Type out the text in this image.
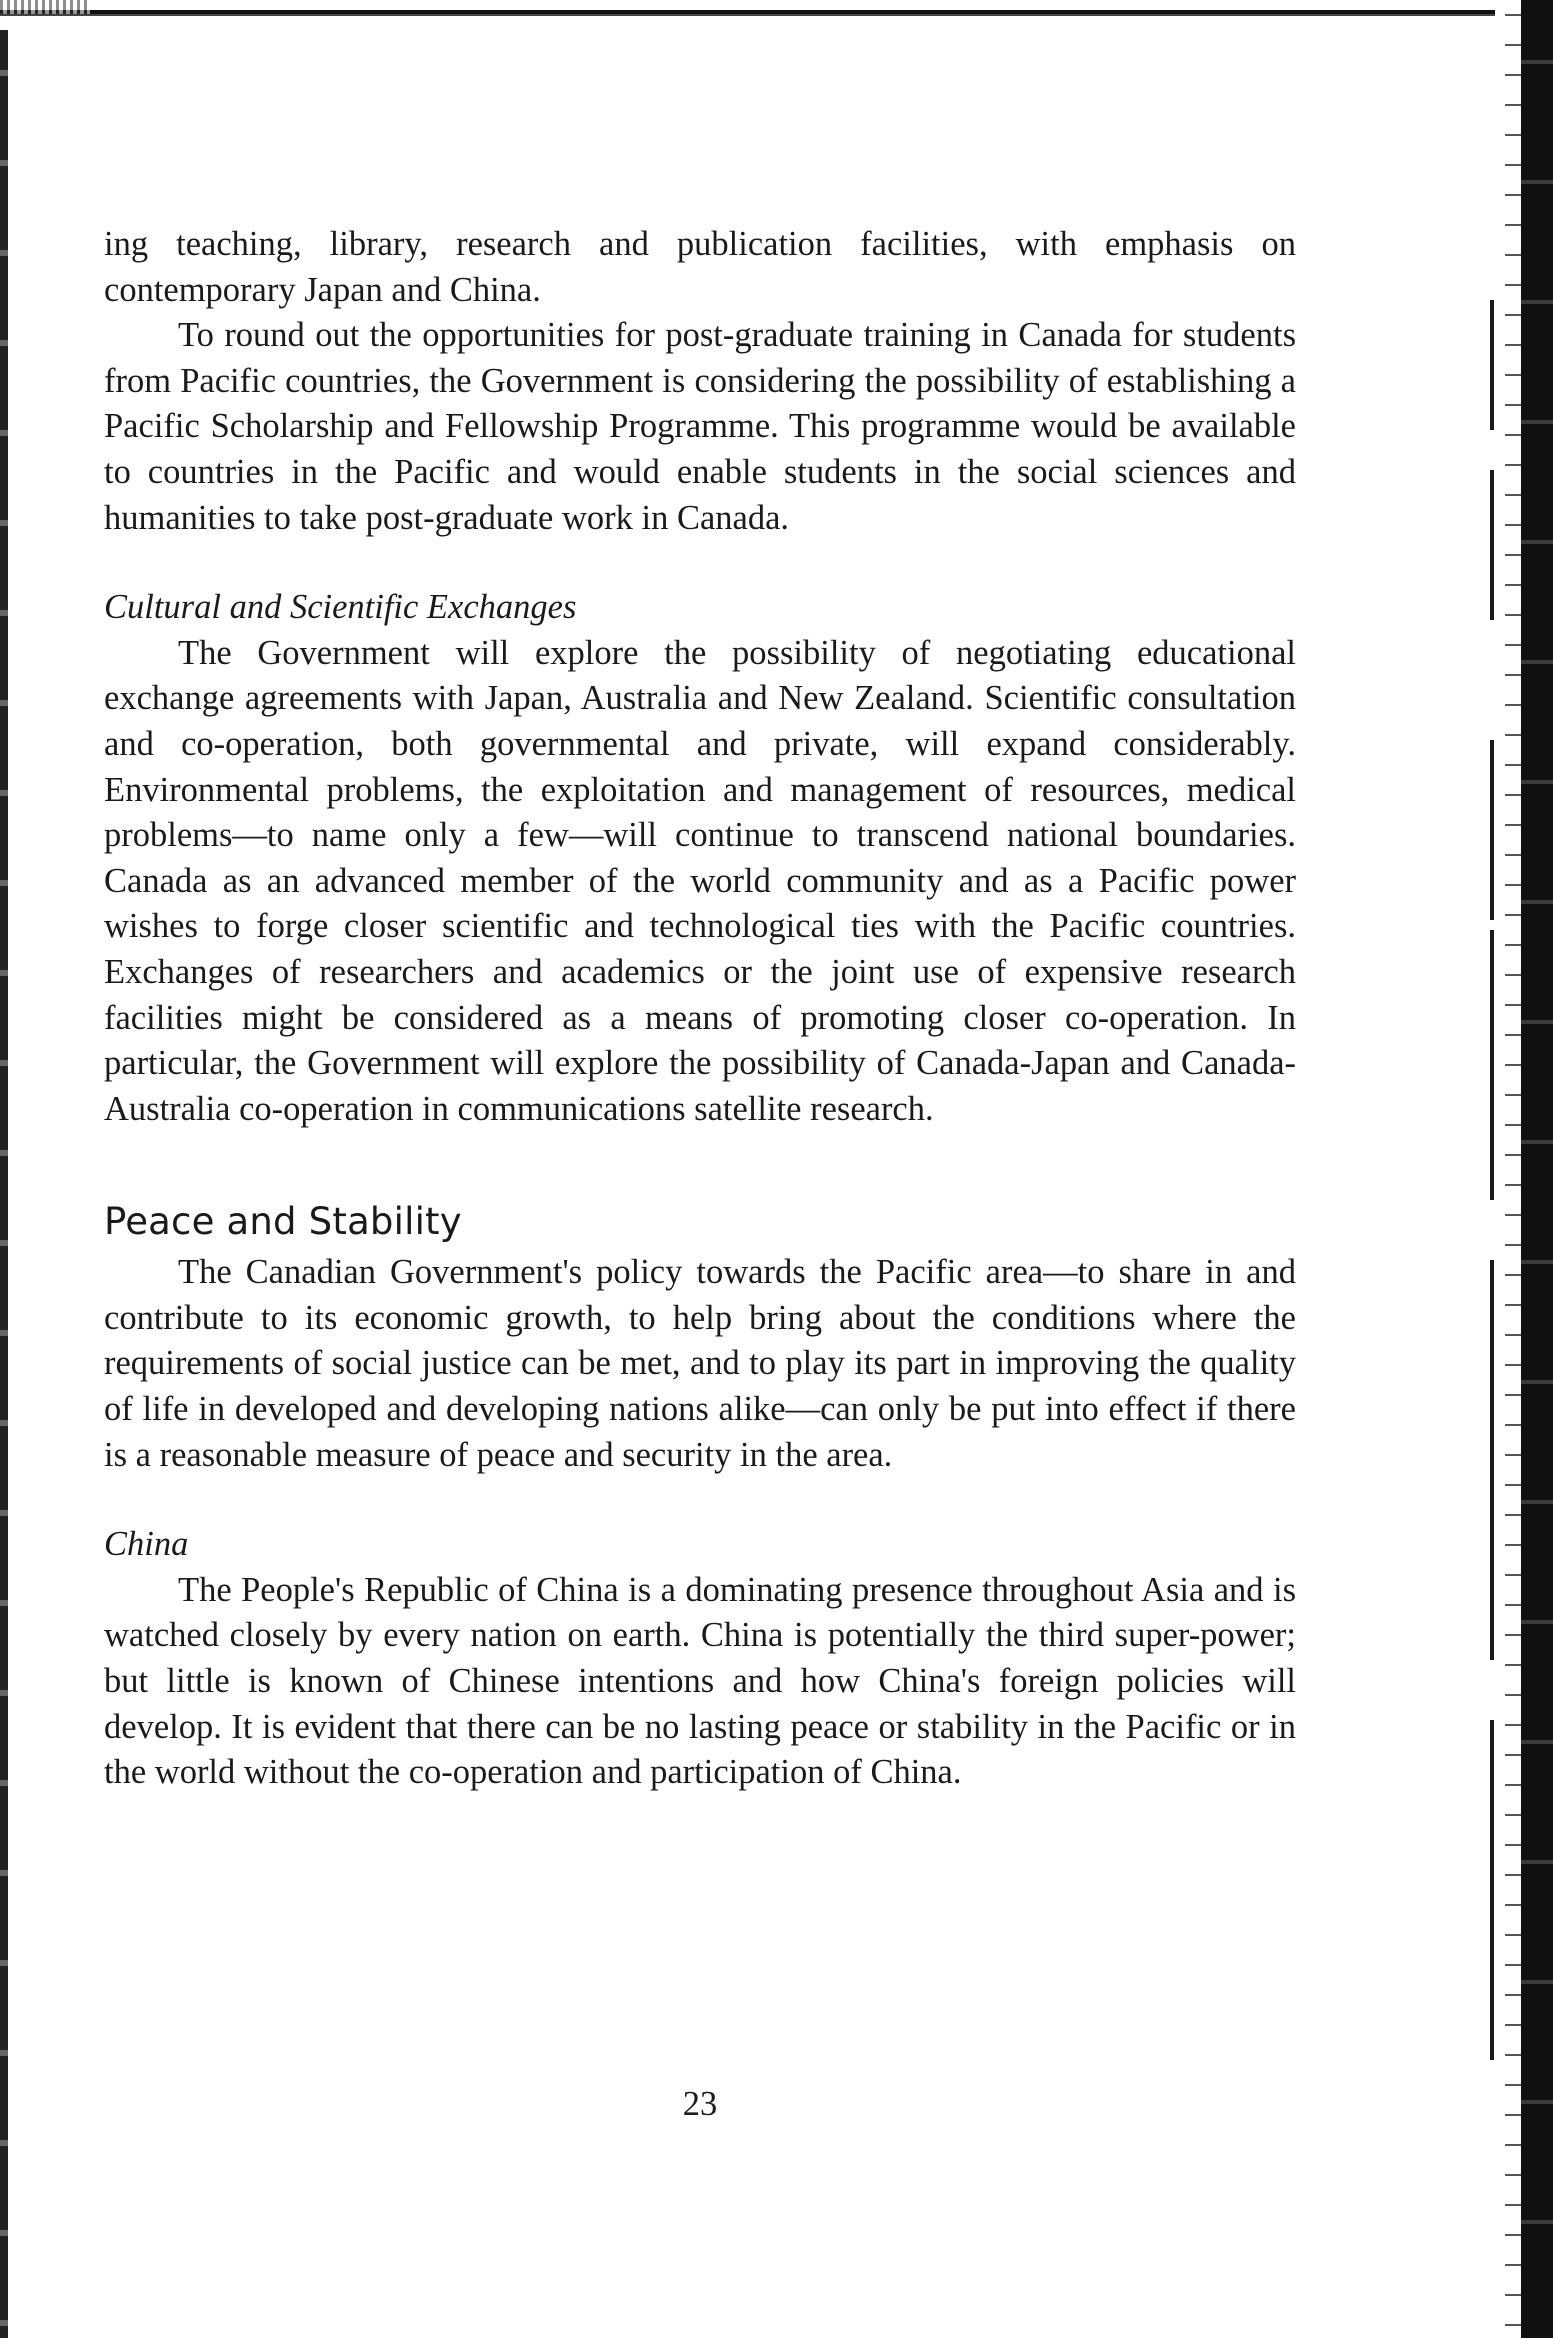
ing teaching, library, research and publication facilities, with emphasis on contemporary Japan and China.

To round out the opportunities for post-graduate training in Canada for students from Pacific countries, the Government is considering the possibility of establishing a Pacific Scholarship and Fellowship Programme. This programme would be available to countries in the Pacific and would enable students in the social sciences and humanities to take post-graduate work in Canada.

Cultural and Scientific Exchanges

The Government will explore the possibility of negotiating educational exchange agreements with Japan, Australia and New Zealand. Scientific consultation and co-operation, both governmental and private, will expand considerably. Environmental problems, the exploitation and management of resources, medical problems—to name only a few—will continue to transcend national boundaries. Canada as an advanced member of the world community and as a Pacific power wishes to forge closer scientific and technological ties with the Pacific countries. Exchanges of researchers and academics or the joint use of expensive research facilities might be considered as a means of promoting closer co-operation. In particular, the Government will explore the possibility of Canada-Japan and Canada-Australia co-operation in communications satellite research.

Peace and Stability

The Canadian Government's policy towards the Pacific area—to share in and contribute to its economic growth, to help bring about the conditions where the requirements of social justice can be met, and to play its part in improving the quality of life in developed and developing nations alike—can only be put into effect if there is a reasonable measure of peace and security in the area.

China

The People's Republic of China is a dominating presence throughout Asia and is watched closely by every nation on earth. China is potentially the third super-power; but little is known of Chinese intentions and how China's foreign policies will develop. It is evident that there can be no lasting peace or stability in the Pacific or in the world without the co-operation and participation of China.

23
